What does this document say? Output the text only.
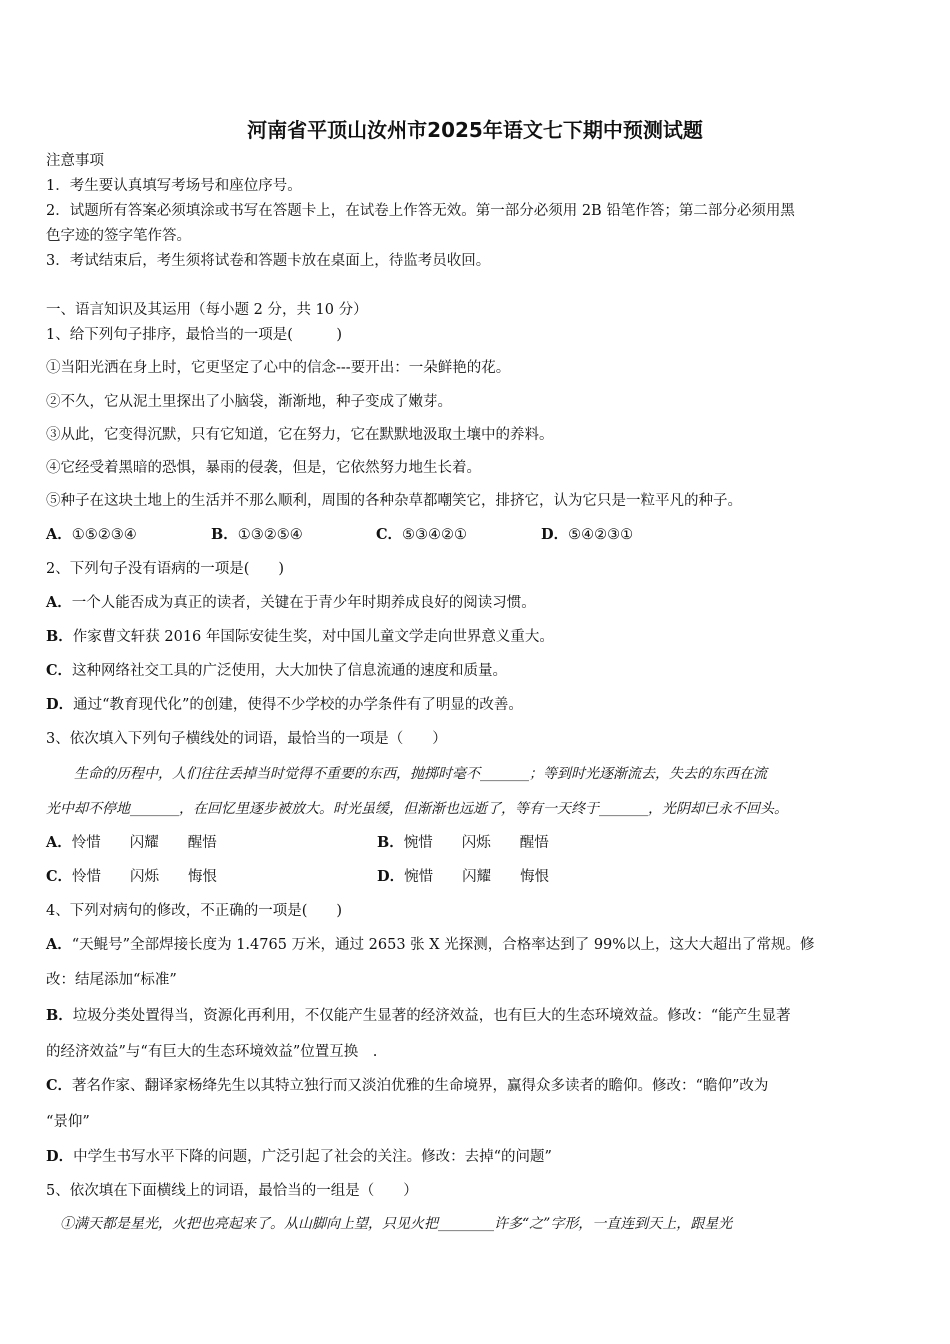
河南省平顶山汝州市2025年语文七下期中预测试题
注意事项
1．考生要认真填写考场号和座位序号。
2．试题所有答案必须填涂或书写在答题卡上，在试卷上作答无效。第一部分必须用 2B 铅笔作答；第二部分必须用黑
色字迹的签字笔作答。
3．考试结束后，考生须将试卷和答题卡放在桌面上，待监考员收回。
一、语言知识及其运用（每小题 2 分，共 10 分）
1、给下列句子排序，最恰当的一项是(　　　)
①当阳光洒在身上时，它更坚定了心中的信念---要开出：一朵鲜艳的花。
②不久，它从泥土里探出了小脑袋，渐渐地，种子变成了嫩芽。
③从此，它变得沉默，只有它知道，它在努力，它在默默地汲取土壤中的养料。
④它经受着黑暗的恐惧，暴雨的侵袭，但是，它依然努力地生长着。
⑤种子在这块土地上的生活并不那么顺利，周围的各种杂草都嘲笑它，排挤它，认为它只是一粒平凡的种子。
A．①⑤②③④	B．①③②⑤④	C．⑤③④②①	D．⑤④②③①
2、下列句子没有语病的一项是(　　)
A．一个人能否成为真正的读者，关键在于青少年时期养成良好的阅读习惯。
B．作家曹文轩获 2016 年国际安徒生奖，对中国儿童文学走向世界意义重大。
C．这种网络社交工具的广泛使用，大大加快了信息流通的速度和质量。
D．通过“教育现代化”的创建，使得不少学校的办学条件有了明显的改善。
3、依次填入下列句子横线处的词语，最恰当的一项是（　　）
　　生命的历程中，人们往往丢掉当时觉得不重要的东西，抛掷时毫不_______；等到时光逐渐流去，失去的东西在流
光中却不停地_______，在回忆里逐步被放大。时光虽缓，但渐渐也远逝了，等有一天终于_______，光阴却已永不回头。
A．怜惜　　闪耀　　醒悟	B．惋惜　　闪烁　　醒悟
C．怜惜　　闪烁　　悔恨	D．惋惜　　闪耀　　悔恨
4、下列对病句的修改，不正确的一项是(　　)
A．“天鲲号”全部焊接长度为 1.4765 万米，通过 2653 张 X 光探测，合格率达到了 99%以上，这大大超出了常规。修
改：结尾添加“标准”
B．垃圾分类处置得当，资源化再利用，不仅能产生显著的经济效益，也有巨大的生态环境效益。修改：“能产生显著
的经济效益”与“有巨大的生态环境效益”位置互换　.
C．著名作家、翻译家杨绛先生以其特立独行而又淡泊优雅的生命境界，赢得众多读者的瞻仰。修改：“瞻仰”改为
“景仰”
D．中学生书写水平下降的问题，广泛引起了社会的关注。修改：去掉“的问题”
5、依次填在下面横线上的词语，最恰当的一组是（　　）
　①满天都是星光，火把也亮起来了。从山脚向上望，只见火把________许多“之”字形，一直连到天上，跟星光
